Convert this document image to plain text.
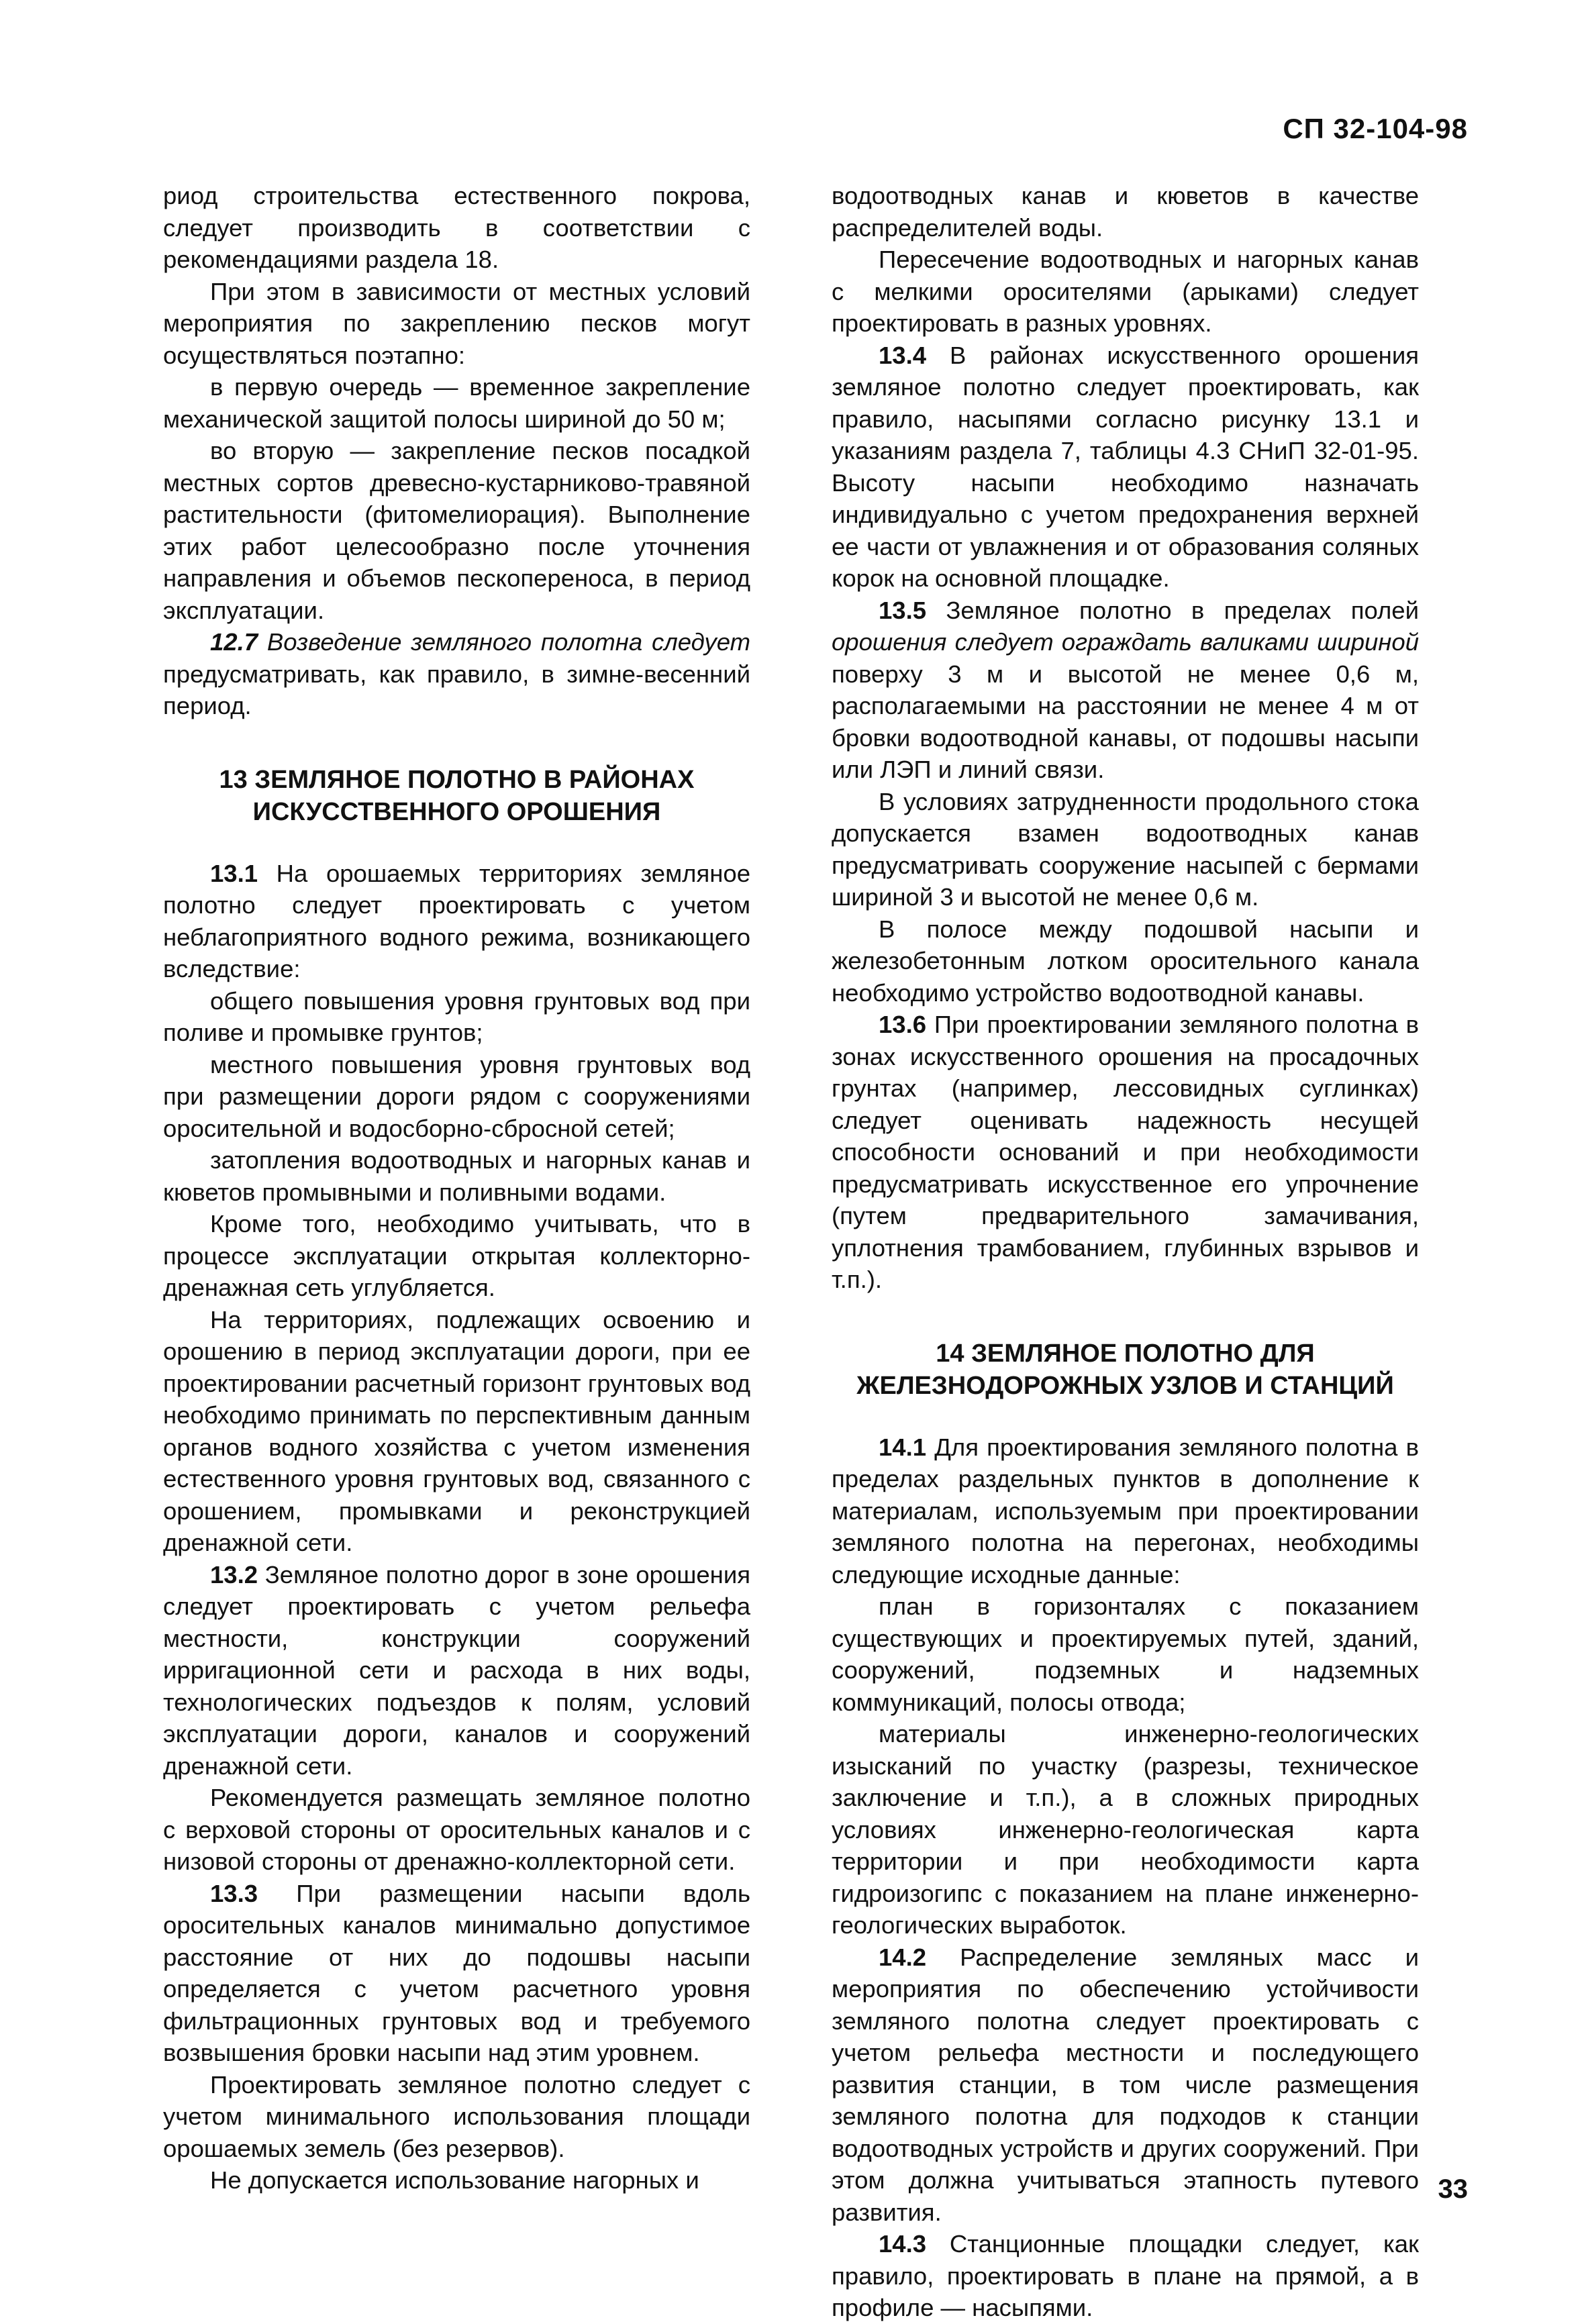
СП 32-104-98

риод строительства естественного покрова, следует производить в соответствии с рекомендациями раздела 18.

При этом в зависимости от местных условий мероприятия по закреплению песков могут осуществляться поэтапно:

в первую очередь — временное закрепление механической защитой полосы шириной до 50 м;

во вторую — закрепление песков посадкой местных сортов древесно-кустарниково-травяной растительности (фитомелиорация). Выполнение этих работ целесообразно после уточнения направления и объемов пескопереноса, в период эксплуатации.

12.7 Возведение земляного полотна следует предусматривать, как правило, в зимне-весенний период.

13 ЗЕМЛЯНОЕ ПОЛОТНО В РАЙОНАХ
ИСКУССТВЕННОГО ОРОШЕНИЯ

13.1 На орошаемых территориях земляное полотно следует проектировать с учетом неблагоприятного водного режима, возникающего вследствие:

общего повышения уровня грунтовых вод при поливе и промывке грунтов;

местного повышения уровня грунтовых вод при размещении дороги рядом с сооружениями оросительной и водосборно-сбросной сетей;

затопления водоотводных и нагорных канав и кюветов промывными и поливными водами.

Кроме того, необходимо учитывать, что в процессе эксплуатации открытая коллекторно-дренажная сеть углубляется.

На территориях, подлежащих освоению и орошению в период эксплуатации дороги, при ее проектировании расчетный горизонт грунтовых вод необходимо принимать по перспективным данным органов водного хозяйства с учетом изменения естественного уровня грунтовых вод, связанного с орошением, промывками и реконструкцией дренажной сети.

13.2 Земляное полотно дорог в зоне орошения следует проектировать с учетом рельефа местности, конструкции сооружений ирригационной сети и расхода в них воды, технологических подъездов к полям, условий эксплуатации дороги, каналов и сооружений дренажной сети.

Рекомендуется размещать земляное полотно с верховой стороны от оросительных каналов и с низовой стороны от дренажно-коллекторной сети.

13.3 При размещении насыпи вдоль оросительных каналов минимально допустимое расстояние от них до подошвы насыпи определяется с учетом расчетного уровня фильтрационных грунтовых вод и требуемого возвышения бровки насыпи над этим уровнем.

Проектировать земляное полотно следует с учетом минимального использования площади орошаемых земель (без резервов).

Не допускается использование нагорных и

водоотводных канав и кюветов в качестве распределителей воды.

Пересечение водоотводных и нагорных канав с мелкими оросителями (арыками) следует проектировать в разных уровнях.

13.4 В районах искусственного орошения земляное полотно следует проектировать, как правило, насыпями согласно рисунку 13.1 и указаниям раздела 7, таблицы 4.3 СНиП 32-01-95. Высоту насыпи необходимо назначать индивидуально с учетом предохранения верхней ее части от увлажнения и от образования соляных корок на основной площадке.

13.5 Земляное полотно в пределах полей орошения следует ограждать валиками шириной поверху 3 м и высотой не менее 0,6 м, располагаемыми на расстоянии не менее 4 м от бровки водоотводной канавы, от подошвы насыпи или ЛЭП и линий связи.

В условиях затрудненности продольного стока допускается взамен водоотводных канав предусматривать сооружение насыпей с бермами шириной 3 и высотой не менее 0,6 м.

В полосе между подошвой насыпи и железобетонным лотком оросительного канала необходимо устройство водоотводной канавы.

13.6 При проектировании земляного полотна в зонах искусственного орошения на просадочных грунтах (например, лессовидных суглинках) следует оценивать надежность несущей способности оснований и при необходимости предусматривать искусственное его упрочнение (путем предварительного замачивания, уплотнения трамбованием, глубинных взрывов и т.п.).

14 ЗЕМЛЯНОЕ ПОЛОТНО ДЛЯ
ЖЕЛЕЗНОДОРОЖНЫХ УЗЛОВ И СТАНЦИЙ

14.1 Для проектирования земляного полотна в пределах раздельных пунктов в дополнение к материалам, используемым при проектировании земляного полотна на перегонах, необходимы следующие исходные данные:

план в горизонталях с показанием существующих и проектируемых путей, зданий, сооружений, подземных и надземных коммуникаций, полосы отвода;

материалы инженерно-геологических изысканий по участку (разрезы, техническое заключение и т.п.), а в сложных природных условиях инженерно-геологическая карта территории и при необходимости карта гидроизогипс с показанием на плане инженерно-геологических выработок.

14.2 Распределение земляных масс и мероприятия по обеспечению устойчивости земляного полотна следует проектировать с учетом рельефа местности и последующего развития станции, в том числе размещения земляного полотна для подходов к станции водоотводных устройств и других сооружений. При этом должна учитываться этапность путевого развития.

14.3 Станционные площадки следует, как правило, проектировать в плане на прямой, а в профиле — насыпями.

33
